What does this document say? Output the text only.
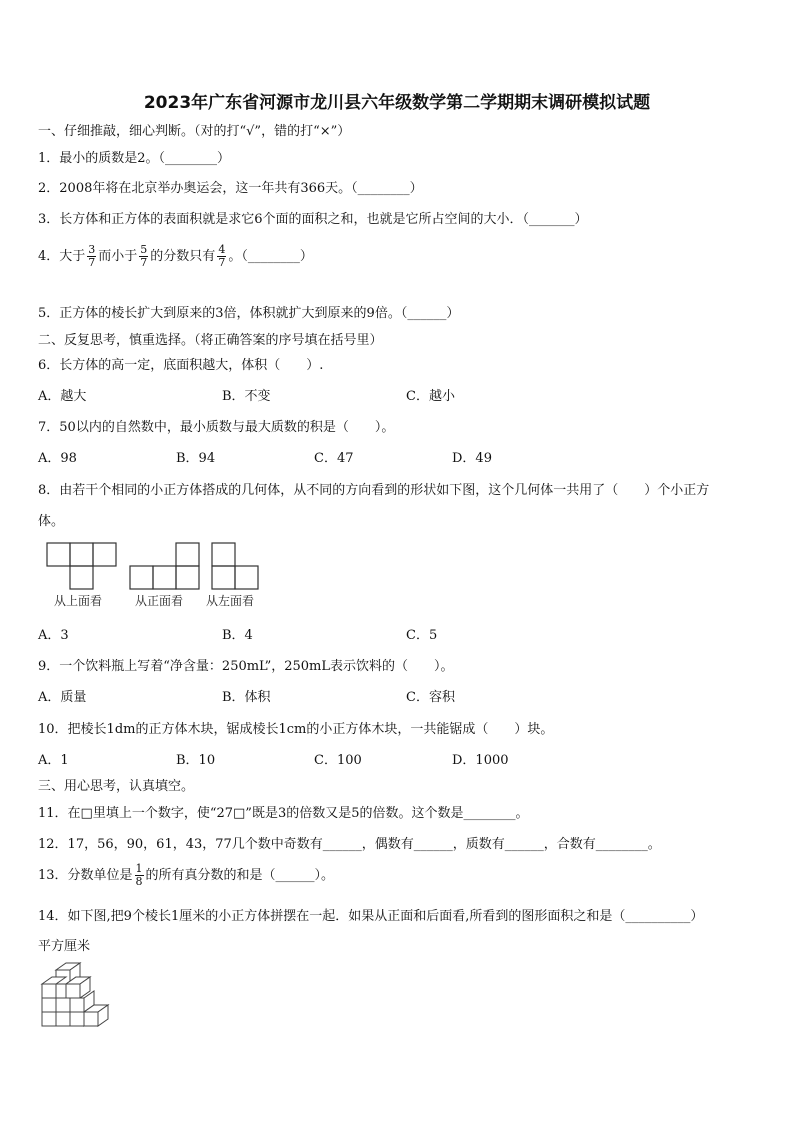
2023年广东省河源市龙川县六年级数学第二学期期末调研模拟试题
一、仔细推敲，细心判断。（对的打“√”，错的打“×”）
1．最小的质数是2。（________）
2．2008年将在北京举办奥运会，这一年共有366天。（________）
3．长方体和正方体的表面积就是求它6个面的面积之和，也就是它所占空间的大小．（_______）
4．大于 $\frac{3}{7}$ 而小于 $\frac{5}{7}$ 的分数只有 $\frac{4}{7}$ 。（________）
5．正方体的棱长扩大到原来的3倍，体积就扩大到原来的9倍。（______）
二、反复思考，慎重选择。（将正确答案的序号填在括号里）
6．长方体的高一定，底面积越大，体积（　　）.
A．越大	B．不变	C．越小
7．50以内的自然数中，最小质数与最大质数的积是（　　）。
A．98	B．94	C．47	D．49
8．由若干个相同的小正方体搭成的几何体，从不同的方向看到的形状如下图，这个几何体一共用了（　　）个小正方
体。
从上面看	从正面看 从左面看
A．3	B．4	C．5
9．一个饮料瓶上写着“净含量：250mL”，250mL表示饮料的（　　）。
A．质量	B．体积	C．容积
10．把棱长1dm的正方体木块，锯成棱长1cm的小正方体木块，一共能锯成（　　）块。
A．1	B．10	C．100	D．1000
三、用心思考，认真填空。
11．在□里填上一个数字，使“27□”既是3的倍数又是5的倍数。这个数是________。
12．17，56，90，61，43，77几个数中奇数有______，偶数有______，质数有______，合数有________。
13．分数单位是 $\frac{1}{8}$ 的所有真分数的和是（______）。
14．如下图,把9个棱长1厘米的小正方体拼摆在一起．如果从正面和后面看,所看到的图形面积之和是（__________）
平方厘米
